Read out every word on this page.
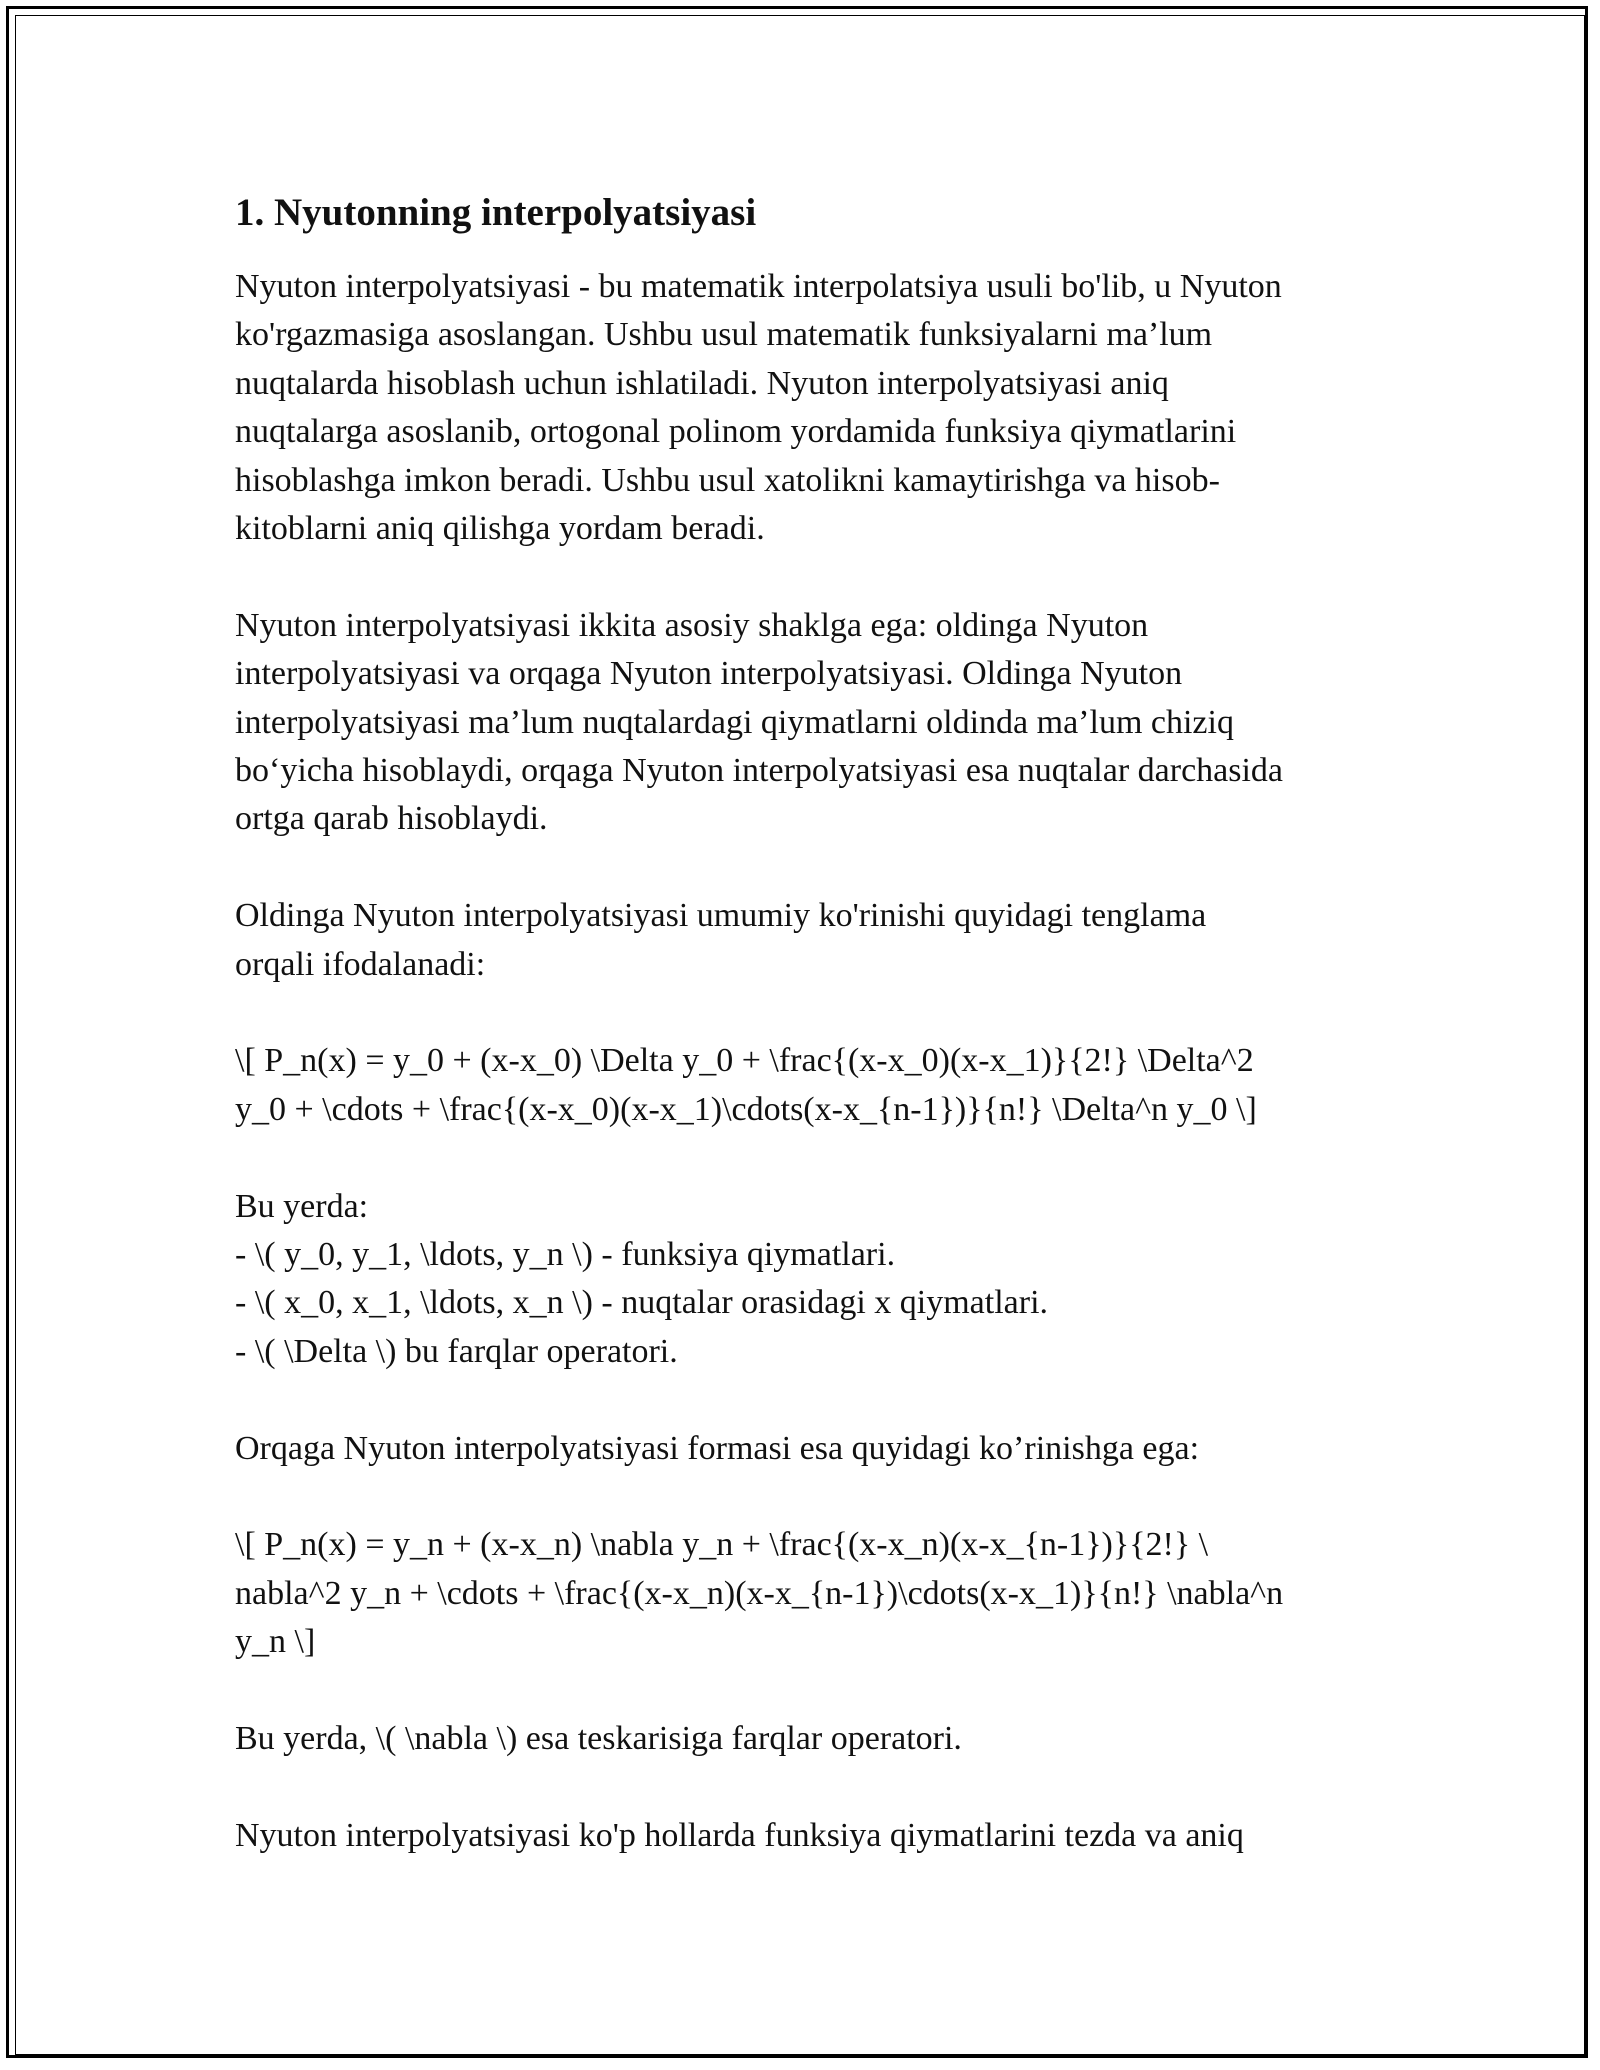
1. Nyutonning interpolyatsiyasi

Nyuton interpolyatsiyasi - bu matematik interpolatsiya usuli bo'lib, u Nyuton
ko'rgazmasiga asoslangan. Ushbu usul matematik funksiyalarni ma’lum
nuqtalarda hisoblash uchun ishlatiladi. Nyuton interpolyatsiyasi aniq
nuqtalarga asoslanib, ortogonal polinom yordamida funksiya qiymatlarini
hisoblashga imkon beradi. Ushbu usul xatolikni kamaytirishga va hisob-
kitoblarni aniq qilishga yordam beradi.

Nyuton interpolyatsiyasi ikkita asosiy shaklga ega: oldinga Nyuton
interpolyatsiyasi va orqaga Nyuton interpolyatsiyasi. Oldinga Nyuton
interpolyatsiyasi ma’lum nuqtalardagi qiymatlarni oldinda ma’lum chiziq
bo‘yicha hisoblaydi, orqaga Nyuton interpolyatsiyasi esa nuqtalar darchasida
ortga qarab hisoblaydi.

Oldinga Nyuton interpolyatsiyasi umumiy ko'rinishi quyidagi tenglama
orqali ifodalanadi:

\[ P_n(x) = y_0 + (x-x_0) \Delta y_0 + \frac{(x-x_0)(x-x_1)}{2!} \Delta^2
y_0 + \cdots + \frac{(x-x_0)(x-x_1)\cdots(x-x_{n-1})}{n!} \Delta^n y_0 \]

Bu yerda:
- \( y_0, y_1, \ldots, y_n \) - funksiya qiymatlari.
- \( x_0, x_1, \ldots, x_n \) - nuqtalar orasidagi x qiymatlari.
- \( \Delta \) bu farqlar operatori.

Orqaga Nyuton interpolyatsiyasi formasi esa quyidagi ko’rinishga ega:

\[ P_n(x) = y_n + (x-x_n) \nabla y_n + \frac{(x-x_n)(x-x_{n-1})}{2!} \
nabla^2 y_n + \cdots + \frac{(x-x_n)(x-x_{n-1})\cdots(x-x_1)}{n!} \nabla^n
y_n \]

Bu yerda, \( \nabla \) esa teskarisiga farqlar operatori.

Nyuton interpolyatsiyasi ko'p hollarda funksiya qiymatlarini tezda va aniq
